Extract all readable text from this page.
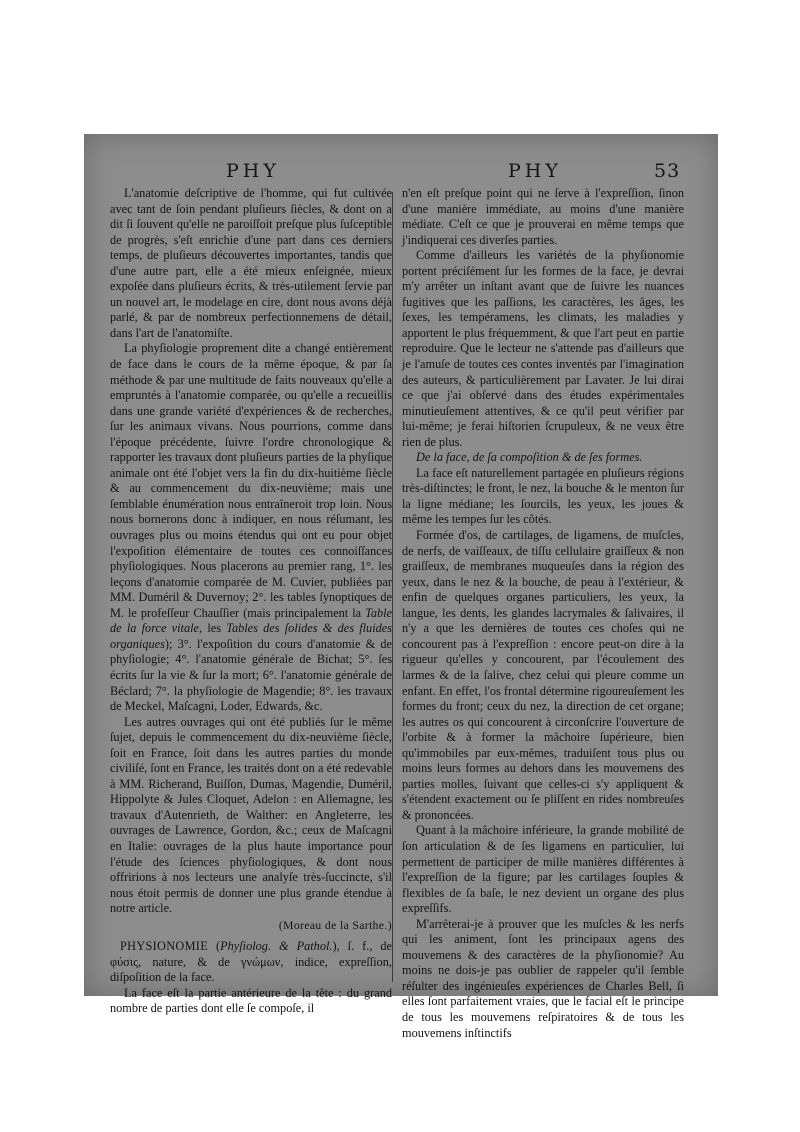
PHY	PHY	53

L'anatomie deſcriptive de l'homme, qui fut cultivée avec tant de ſoin pendant pluſieurs ſiècles, & dont on a dit ſi ſouvent qu'elle ne paroiſſoit preſque plus ſuſceptible de progrès, s'eſt enrichie d'une part dans ces derniers temps, de pluſieurs découvertes importantes, tandis que d'une autre part, elle a été mieux enſeignée, mieux expoſée dans pluſieurs écrits, & très-utilement ſervie par un nouvel art, le modelage en cire, dont nous avons déjà parlé, & par de nombreux perfectionnemens de détail, dans l'art de l'anatomiſte.

La phyſiologie proprement dite a changé entièrement de face dans le cours de la même époque, & par ſa méthode & par une multitude de faits nouveaux qu'elle a empruntés à l'anatomie comparée, ou qu'elle a recueillis dans une grande variété d'expériences & de recherches, ſur les animaux vivans. Nous pourrions, comme dans l'époque précédente, ſuivre l'ordre chronologique & rapporter les travaux dont pluſieurs parties de la phyſique animale ont été l'objet vers la fin du dix-huitième ſiècle & au commencement du dix-neuvième; mais une ſemblable énumération nous entraîneroit trop loin. Nous nous bornerons donc à indiquer, en nous réſumant, les ouvrages plus ou moins étendus qui ont eu pour objet l'expoſition élémentaire de toutes ces connoiſſances phyſiologiques. Nous placerons au premier rang, 1°. les leçons d'anatomie comparée de M. Cuvier, publiées par MM. Duméril & Duvernoy; 2°. les tables ſynoptiques de M. le profeſſeur Chauſſier (mais principalement la Table de la force vitale, les Tables des ſolides & des fluides organiques); 3°. l'expoſition du cours d'anatomie & de phyſiologie; 4°. l'anatomie générale de Bichat; 5°. ſes écrits ſur la vie & ſur la mort; 6°. l'anatomie générale de Béclard; 7°. la phyſiologie de Magendie; 8°. les travaux de Meckel, Maſcagni, Loder, Edwards, &c.

Les autres ouvrages qui ont été publiés ſur le même ſujet, depuis le commencement du dix-neuvième ſiècle, ſoit en France, ſoit dans les autres parties du monde civiliſé, ſont en France, les traités dont on a été redevable à MM. Richerand, Buiſſon, Dumas, Magendie, Duméril, Hippolyte & Jules Cloquet, Adelon : en Allemagne, les travaux d'Autenrieth, de Walther: en Angleterre, les ouvrages de Lawrence, Gordon, &c.; ceux de Maſcagni en Italie: ouvrages de la plus haute importance pour l'étude des ſciences phyſiologiques, & dont nous offririons à nos lecteurs une analyſe très-ſuccincte, s'il nous étoit permis de donner une plus grande étendue à notre article.

(Moreau de la Sarthe.)

PHYSIONOMIE (Phyſiolog. & Pathol.), ſ. f., de φύσις, nature, & de γνώμων, indice, expreſſion, diſpoſition de la face.

La face eſt la partie antérieure de la tête : du grand nombre de parties dont elle ſe compoſe, il

n'en eſt preſque point qui ne ſerve à l'expreſſion, ſinon d'une manière immédiate, au moins d'une manière médiate. C'eſt ce que je prouverai en même temps que j'indiquerai ces diverſes parties.

Comme d'ailleurs les variétés de la phyſionomie portent préciſément ſur les formes de la face, je devrai m'y arrêter un inſtant avant que de ſuivre les nuances fugitives que les paſſions, les caractères, les âges, les ſexes, les tempéramens, les climats, les maladies y apportent le plus fréquemment, & que l'art peut en partie reproduire. Que le lecteur ne s'attende pas d'ailleurs que je l'amuſe de toutes ces contes inventés par l'imagination des auteurs, & particulièrement par Lavater. Je lui dirai ce que j'ai obſervé dans des études expérimentales minutieuſement attentives, & ce qu'il peut vérifier par lui-même; je ferai hiſtorien ſcrupuleux, & ne veux être rien de plus.

De la face, de ſa compoſition & de ſes formes.

La face eſt naturellement partagée en pluſieurs régions très-diſtinctes; le front, le nez, la bouche & le menton ſur la ligne médiane; les ſourcils, les yeux, les joues & même les tempes ſur les côtés.

Formée d'os, de cartilages, de ligamens, de muſcles, de nerfs, de vaiſſeaux, de tiſſu cellulaire graiſſeux & non graiſſeux, de membranes muqueuſes dans la région des yeux, dans le nez & la bouche, de peau à l'extérieur, & enfin de quelques organes particuliers, les yeux, la langue, les dents, les glandes lacrymales & ſalivaires, il n'y a que les dernières de toutes ces choſes qui ne concourent pas à l'expreſſion : encore peut-on dire à la rigueur qu'elles y concourent, par l'écoulement des larmes & de la ſalive, chez celui qui pleure comme un enfant. En effet, l'os frontal détermine rigoureuſement les formes du front; ceux du nez, la direction de cet organe; les autres os qui concourent à circonſcrire l'ouverture de l'orbite & à former la mâchoire ſupérieure, bien qu'immobiles par eux-mêmes, traduiſent tous plus ou moins leurs formes au dehors dans les mouvemens des parties molles, ſuivant que celles-ci s'y appliquent & s'étendent exactement ou ſe pliſſent en rides nombreuſes & prononcées.

Quant à la mâchoire inférieure, la grande mobilité de ſon articulation & de ſes ligamens en particulier, lui permettent de participer de mille manières différentes à l'expreſſion de la figure; par les cartilages ſouples & flexibles de ſa baſe, le nez devient un organe des plus expreſſifs.

M'arrêterai-je à prouver que les muſcles & les nerfs qui les animent, ſont les principaux agens des mouvemens & des caractères de la phyſionomie? Au moins ne dois-je pas oublier de rappeler qu'il ſemble réſulter des ingénieuſes expériences de Charles Bell, ſi elles ſont parfaitement vraies, que le facial eſt le principe de tous les mouvemens reſpiratoires & de tous les mouvemens inſtinctifs
